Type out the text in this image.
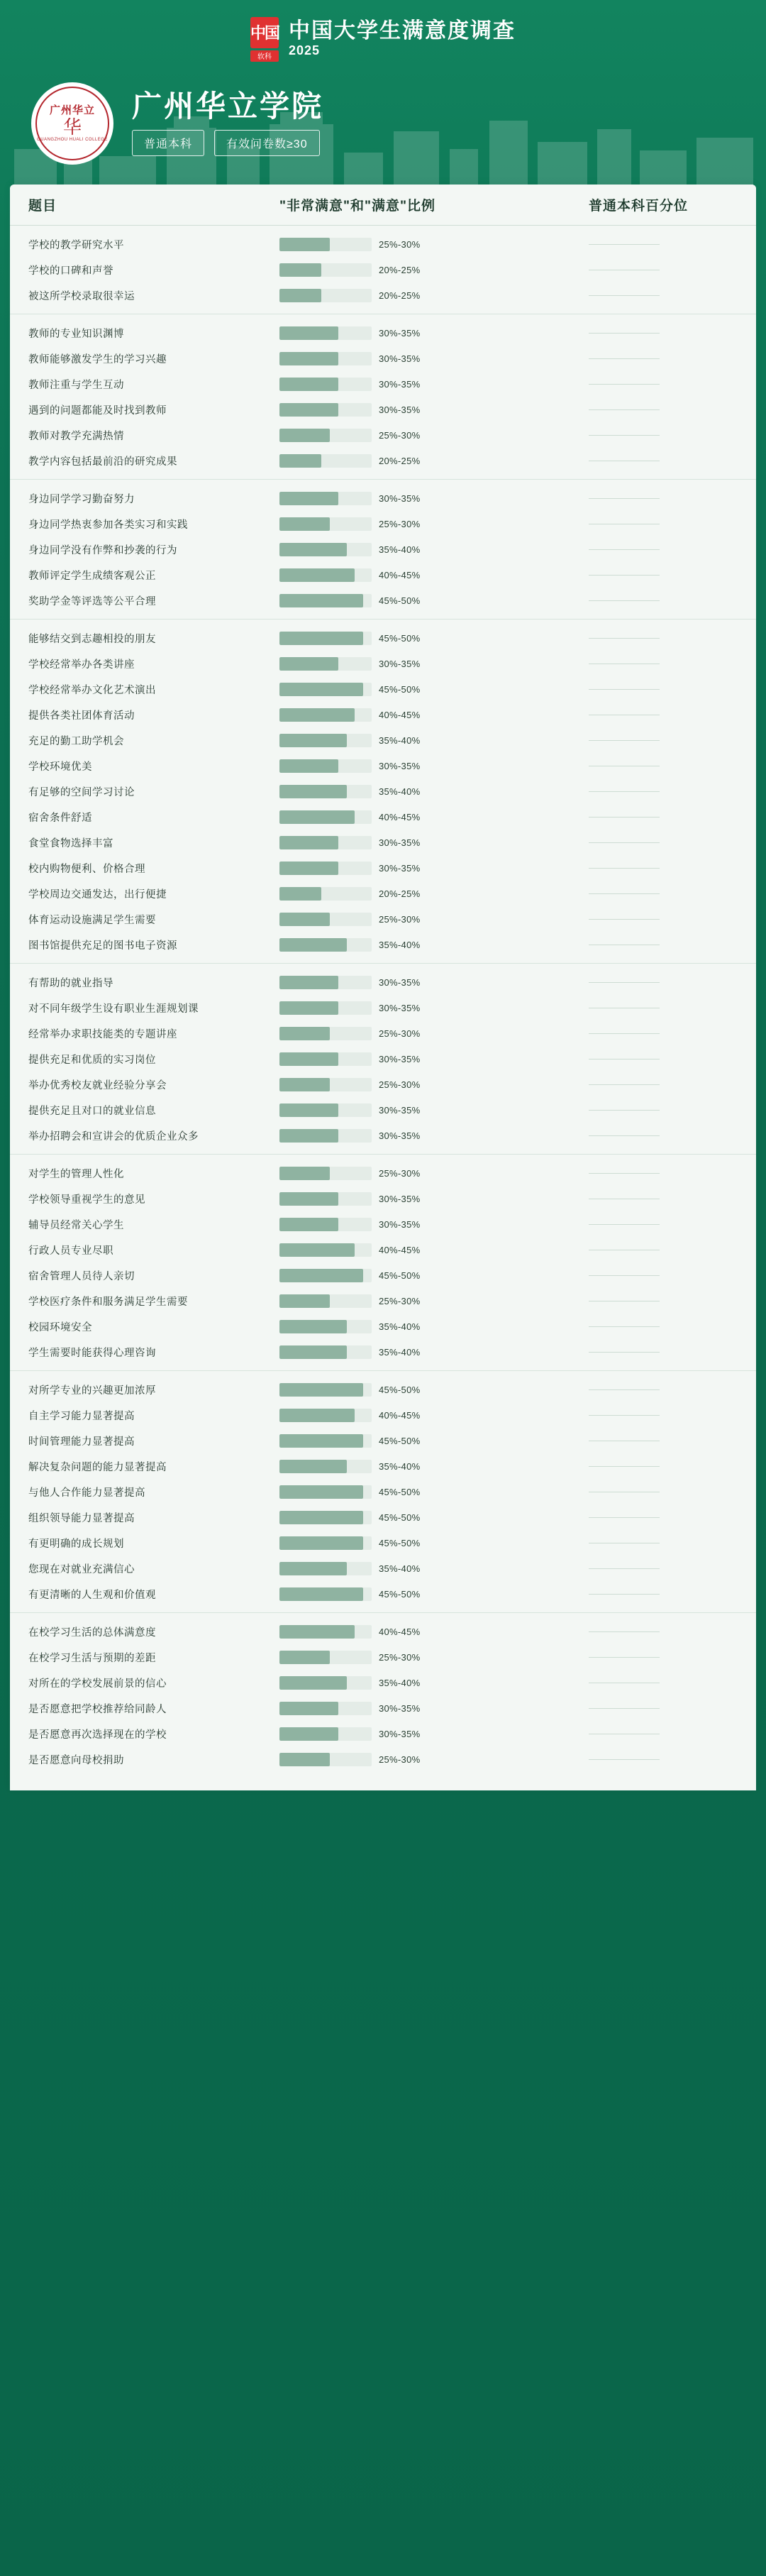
中国
软科
中国大学生满意度调查
2025
广州华立
华
GUANGZHOU HUALI COLLEGE
广州华立学院
普通本科	有效问卷数≥30
题目	"非常满意"和"满意"比例	普通本科百分位
学校的教学研究水平	25%-30%
学校的口碑和声誉	20%-25%
被这所学校录取很幸运	20%-25%
教师的专业知识渊博	30%-35%
教师能够激发学生的学习兴趣	30%-35%
教师注重与学生互动	30%-35%
遇到的问题都能及时找到教师	30%-35%
教师对教学充满热情	25%-30%
教学内容包括最前沿的研究成果	20%-25%
身边同学学习勤奋努力	30%-35%
身边同学热衷参加各类实习和实践	25%-30%
身边同学没有作弊和抄袭的行为	35%-40%
教师评定学生成绩客观公正	40%-45%
奖助学金等评选等公平合理	45%-50%
能够结交到志趣相投的朋友	45%-50%
学校经常举办各类讲座	30%-35%
学校经常举办文化艺术演出	45%-50%
提供各类社团体育活动	40%-45%
充足的勤工助学机会	35%-40%
学校环境优美	30%-35%
有足够的空间学习讨论	35%-40%
宿舍条件舒适	40%-45%
食堂食物选择丰富	30%-35%
校内购物便利、价格合理	30%-35%
学校周边交通发达，出行便捷	20%-25%
体育运动设施满足学生需要	25%-30%
图书馆提供充足的图书电子资源	35%-40%
有帮助的就业指导	30%-35%
对不同年级学生设有职业生涯规划课	30%-35%
经常举办求职技能类的专题讲座	25%-30%
提供充足和优质的实习岗位	30%-35%
举办优秀校友就业经验分享会	25%-30%
提供充足且对口的就业信息	30%-35%
举办招聘会和宣讲会的优质企业众多	30%-35%
对学生的管理人性化	25%-30%
学校领导重视学生的意见	30%-35%
辅导员经常关心学生	30%-35%
行政人员专业尽职	40%-45%
宿舍管理人员待人亲切	45%-50%
学校医疗条件和服务满足学生需要	25%-30%
校园环境安全	35%-40%
学生需要时能获得心理咨询	35%-40%
对所学专业的兴趣更加浓厚	45%-50%
自主学习能力显著提高	40%-45%
时间管理能力显著提高	45%-50%
解决复杂问题的能力显著提高	35%-40%
与他人合作能力显著提高	45%-50%
组织领导能力显著提高	45%-50%
有更明确的成长规划	45%-50%
您现在对就业充满信心	35%-40%
有更清晰的人生观和价值观	45%-50%
在校学习生活的总体满意度	40%-45%
在校学习生活与预期的差距	25%-30%
对所在的学校发展前景的信心	35%-40%
是否愿意把学校推荐给同龄人	30%-35%
是否愿意再次选择现在的学校	30%-35%
是否愿意向母校捐助	25%-30%
